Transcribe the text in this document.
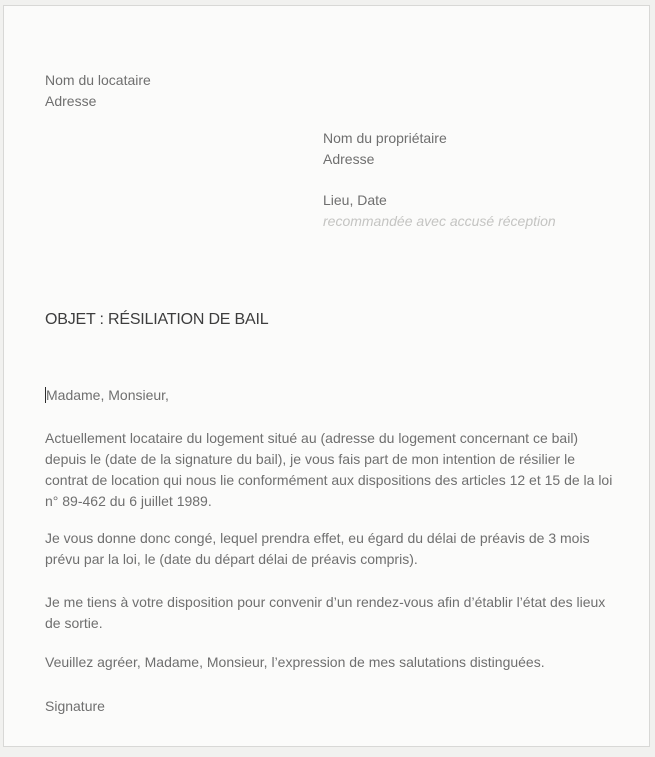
Nom du locataire
Adresse
Nom du propriétaire
Adresse
Lieu, Date
recommandée avec accusé réception
OBJET : RÉSILIATION DE BAIL
Madame, Monsieur,

Actuellement locataire du logement situé au (adresse du logement concernant ce bail) depuis le (date de la signature du bail), je vous fais part de mon intention de résilier le contrat de location qui nous lie conformément aux dispositions des articles 12 et 15 de la loi n° 89-462 du 6 juillet 1989.

Je vous donne donc congé, lequel prendra effet, eu égard du délai de préavis de 3 mois prévu par la loi, le (date du départ délai de préavis compris).

Je me tiens à votre disposition pour convenir d’un rendez-vous afin d’établir l’état des lieux de sortie.

Veuillez agréer, Madame, Monsieur, l’expression de mes salutations distinguées.

Signature
